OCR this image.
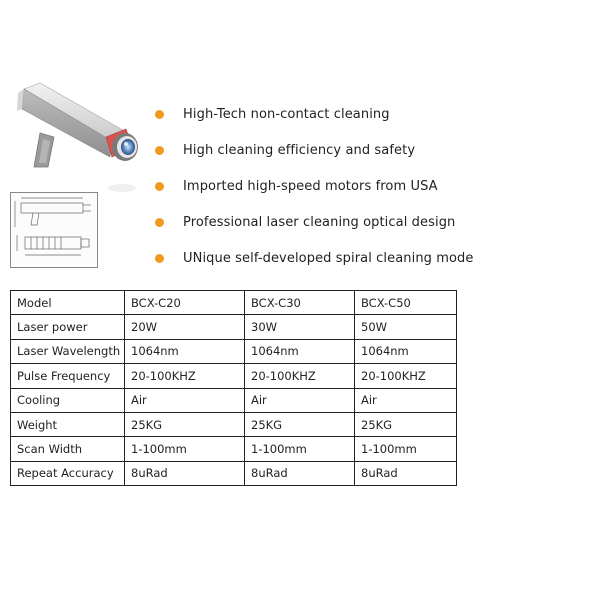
High-Tech non-contact cleaning
High cleaning efficiency and safety
Imported high-speed motors from USA
Professional laser cleaning optical design
UNique self-developed spiral cleaning mode
Model	BCX-C20	BCX-C30	BCX-C50
Laser power	20W	30W	50W
Laser Wavelength	1064nm	1064nm	1064nm
Pulse Frequency	20-100KHZ	20-100KHZ	20-100KHZ
Cooling	Air	Air	Air
Weight	25KG	25KG	25KG
Scan Width	1-100mm	1-100mm	1-100mm
Repeat Accuracy	8uRad	8uRad	8uRad
